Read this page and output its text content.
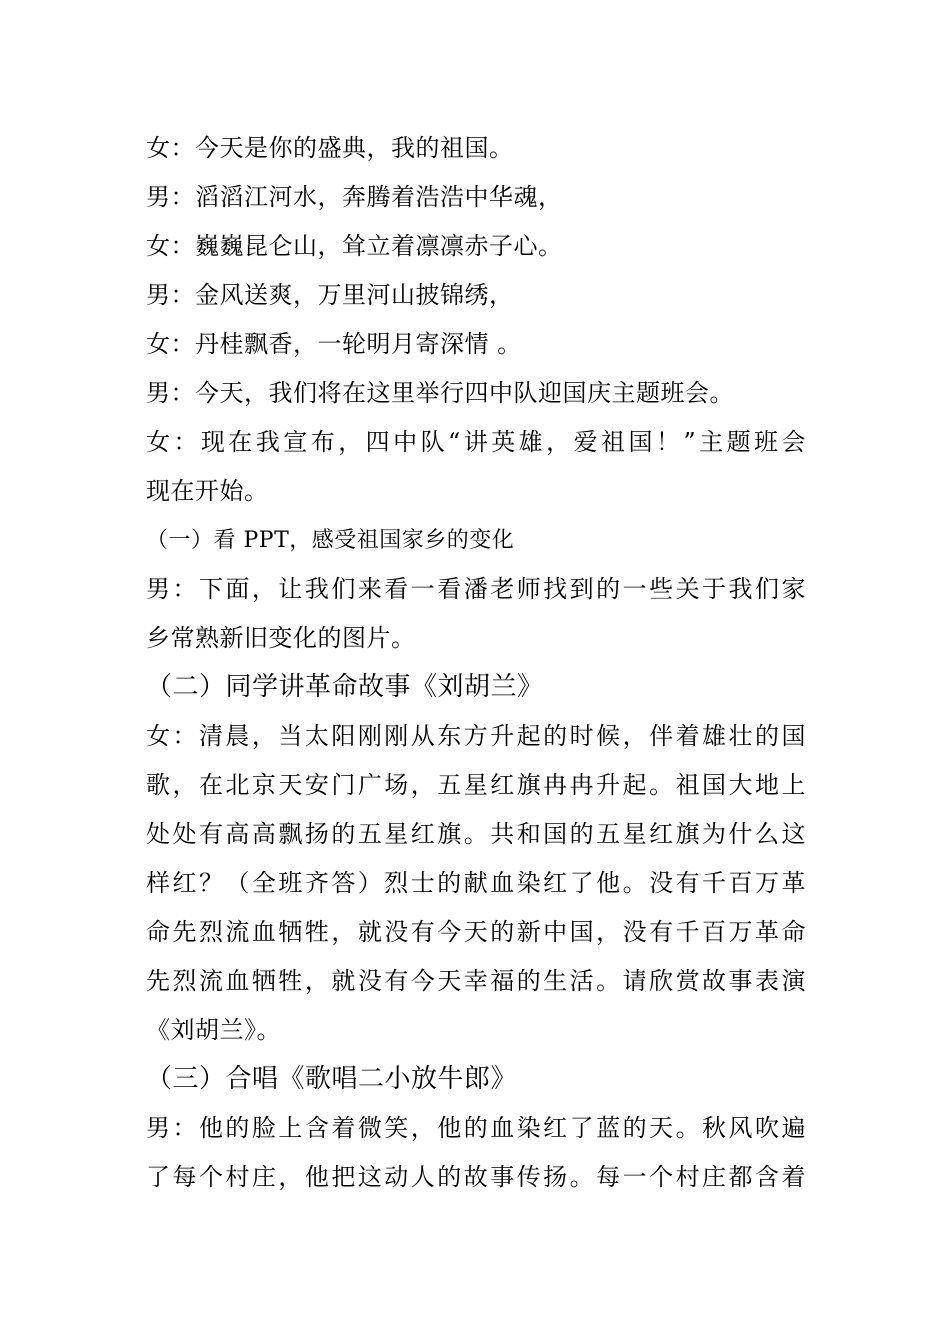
女：今天是你的盛典，我的祖国。
男：滔滔江河水，奔腾着浩浩中华魂，
女：巍巍昆仑山，耸立着凛凛赤子心。
男：金风送爽，万里河山披锦绣，
女：丹桂飘香，一轮明月寄深情 。
男：今天，我们将在这里举行四中队迎国庆主题班会。
女：现在我宣布，四中队“讲英雄，爱祖国！”主题班会
现在开始。
（一）看 PPT，感受祖国家乡的变化
男：下面，让我们来看一看潘老师找到的一些关于我们家
乡常熟新旧变化的图片。
（二）同学讲革命故事《刘胡兰》
女：清晨，当太阳刚刚从东方升起的时候，伴着雄壮的国
歌，在北京天安门广场，五星红旗冉冉升起。祖国大地上
处处有高高飘扬的五星红旗。共和国的五星红旗为什么这
样红？（全班齐答）烈士的献血染红了他。没有千百万革
命先烈流血牺牲，就没有今天的新中国，没有千百万革命
先烈流血牺牲，就没有今天幸福的生活。请欣赏故事表演
《刘胡兰》。
（三）合唱《歌唱二小放牛郎》
男：他的脸上含着微笑，他的血染红了蓝的天。秋风吹遍
了每个村庄，他把这动人的故事传扬。每一个村庄都含着
